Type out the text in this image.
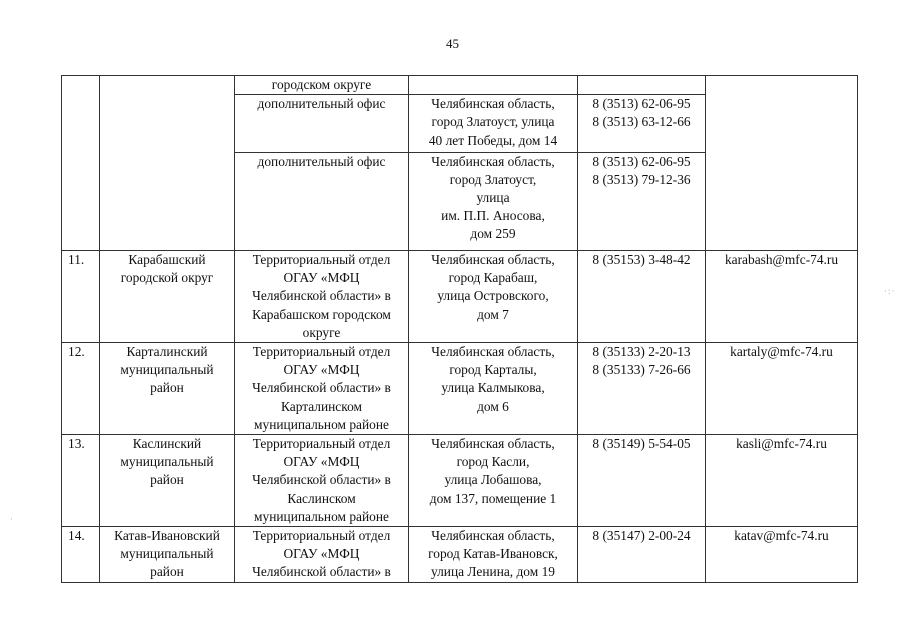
45

		городском округе			

		дополнительный офис	Челябинская область,
город Златоуст, улица
40 лет Победы, дом 14	8 (3513) 62-06-95
8 (3513) 63-12-66	

		дополнительный офис	Челябинская область,
город Златоуст,
улица
им. П.П. Аносова,
дом 259	8 (3513) 62-06-95
8 (3513) 79-12-36	

11.	Карабашский
городской округ	Территориальный отдел
ОГАУ «МФЦ
Челябинской области» в
Карабашском городском
округе	Челябинская область,
город Карабаш,
улица Островского,
дом 7	8 (35153) 3-48-42	karabash@mfc-74.ru

12.	Карталинский
муниципальный
район	Территориальный отдел
ОГАУ «МФЦ
Челябинской области» в
Карталинском
муниципальном районе	Челябинская область,
город Карталы,
улица Калмыкова,
дом 6	8 (35133) 2-20-13
8 (35133) 7-26-66	kartaly@mfc-74.ru

13.	Каслинский
муниципальный
район	Территориальный отдел
ОГАУ «МФЦ
Челябинской области» в
Каслинском
муниципальном районе	Челябинская область,
город Касли,
улица Лобашова,
дом 137, помещение 1	8 (35149) 5-54-05	kasli@mfc-74.ru

14.	Катав-Ивановский
муниципальный
район	Территориальный отдел
ОГАУ «МФЦ
Челябинской области» в	Челябинская область,
город Катав-Ивановск,
улица Ленина, дом 19	8 (35147) 2-00-24	katav@mfc-74.ru
·:·
·
